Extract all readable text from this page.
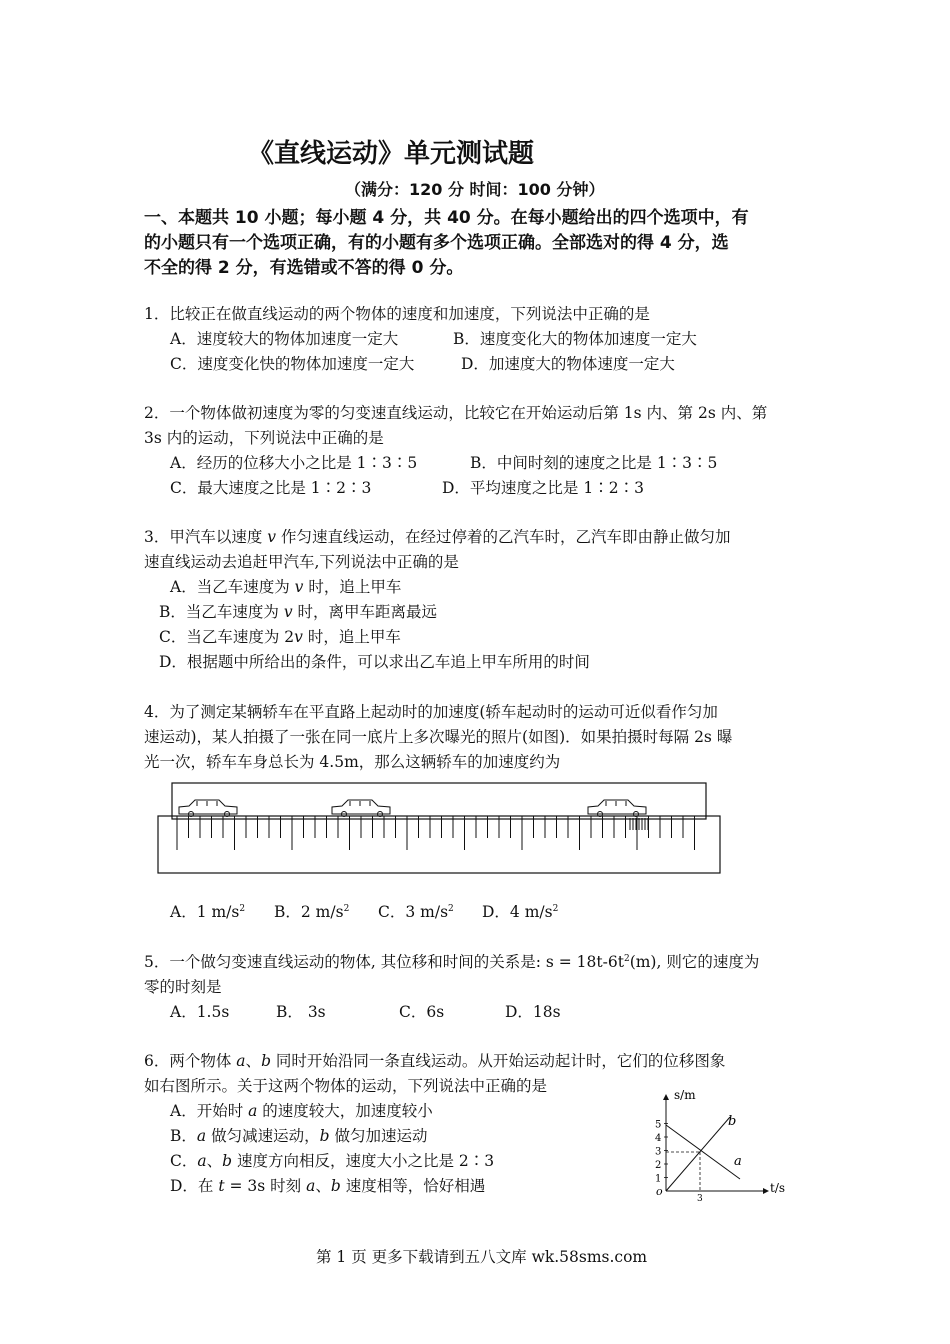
《直线运动》单元测试题
（满分：120 分 时间：100 分钟）
一、本题共 10 小题；每小题 4 分，共 40 分。在每小题给出的四个选项中，有
的小题只有一个选项正确，有的小题有多个选项正确。全部选对的得 4 分，选
不全的得 2 分，有选错或不答的得 0 分。
1．比较正在做直线运动的两个物体的速度和加速度，下列说法中正确的是
A．速度较大的物体加速度一定大	B．速度变化大的物体加速度一定大
C．速度变化快的物体加速度一定大	D．加速度大的物体速度一定大
2．一个物体做初速度为零的匀变速直线运动，比较它在开始运动后第 1s 内、第 2s 内、第
3s 内的运动，下列说法中正确的是
A．经历的位移大小之比是 1∶3∶5	B．中间时刻的速度之比是 1∶3∶5
C．最大速度之比是 1∶2∶3	D．平均速度之比是 1∶2∶3
3．甲汽车以速度 v 作匀速直线运动，在经过停着的乙汽车时，乙汽车即由静止做匀加
速直线运动去追赶甲汽车,下列说法中正确的是
A．当乙车速度为 v 时，追上甲车
B．当乙车速度为 v 时，离甲车距离最远
C．当乙车速度为 2v 时，追上甲车
D．根据题中所给出的条件，可以求出乙车追上甲车所用的时间
4．为了测定某辆轿车在平直路上起动时的加速度(轿车起动时的运动可近似看作匀加
速运动)，某人拍摄了一张在同一底片上多次曝光的照片(如图)．如果拍摄时每隔 2s 曝
光一次，轿车车身总长为 4.5m，那么这辆轿车的加速度约为
A．1 $m/s^2$ B．2 $m/s^2$ C．3 $m/s^2$ D．4 $m/s^2$
5．一个做匀变速直线运动的物体, 其位移和时间的关系是: $s = 18t-6t^2(m)$, 则它的速度为
零的时刻是
A．1.5s	B． 3s	C．6s	D．18s
6．两个物体 a、b 同时开始沿同一条直线运动。从开始运动起计时，它们的位移图象
如右图所示。关于这两个物体的运动，下列说法中正确的是
A．开始时 a 的速度较大，加速度较小
B．a 做匀减速运动，b 做匀加速运动
C．a、b 速度方向相反，速度大小之比是 2∶3
D．在 t = 3s 时刻 a、b 速度相等，恰好相遇
s/m
t/s
o
1
2
3
4
5
3
a
b
第 1 页 更多下载请到五八文库 wk.58sms.com
